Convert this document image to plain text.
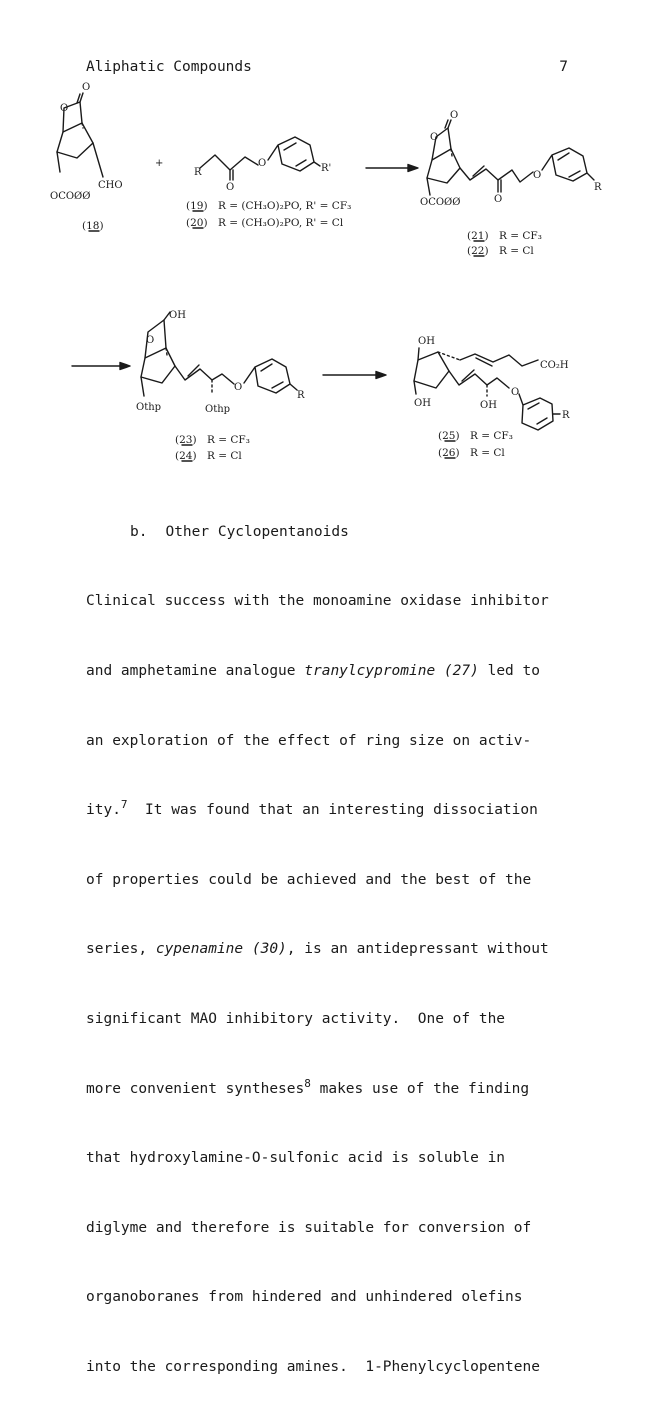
Aliphatic Compounds	7
O
O
CHO
OCOØØ
(18)
+
R
O
O	R'
(19) R = (CH₃O)₂PO, R' = CF₃
(20) R = (CH₃O)₂PO, R' = Cl
O
O
O
O
R
OCOØØ
(21) R = CF₃
(22) R = Cl
OH
O
O
R
Othp	Othp
(23) R = CF₃
(24) R = Cl
OH
CO₂H
O
R
OH	OH
(25) R = CF₃
(26) R = Cl
b. Other Cyclopentanoids

Clinical success with the monoamine oxidase inhibitor

and amphetamine analogue tranylcypromine (27) led to

an exploration of the effect of ring size on activ-

ity.$^7$  It was found that an interesting dissociation

of properties could be achieved and the best of the

series, cypenamine (30), is an antidepressant without

significant MAO inhibitory activity.  One of the

more convenient syntheses$^8$ makes use of the finding

that hydroxylamine-O-sulfonic acid is soluble in

diglyme and therefore is suitable for conversion of

organoboranes from hindered and unhindered olefins

into the corresponding amines.  1-Phenylcyclopentene
